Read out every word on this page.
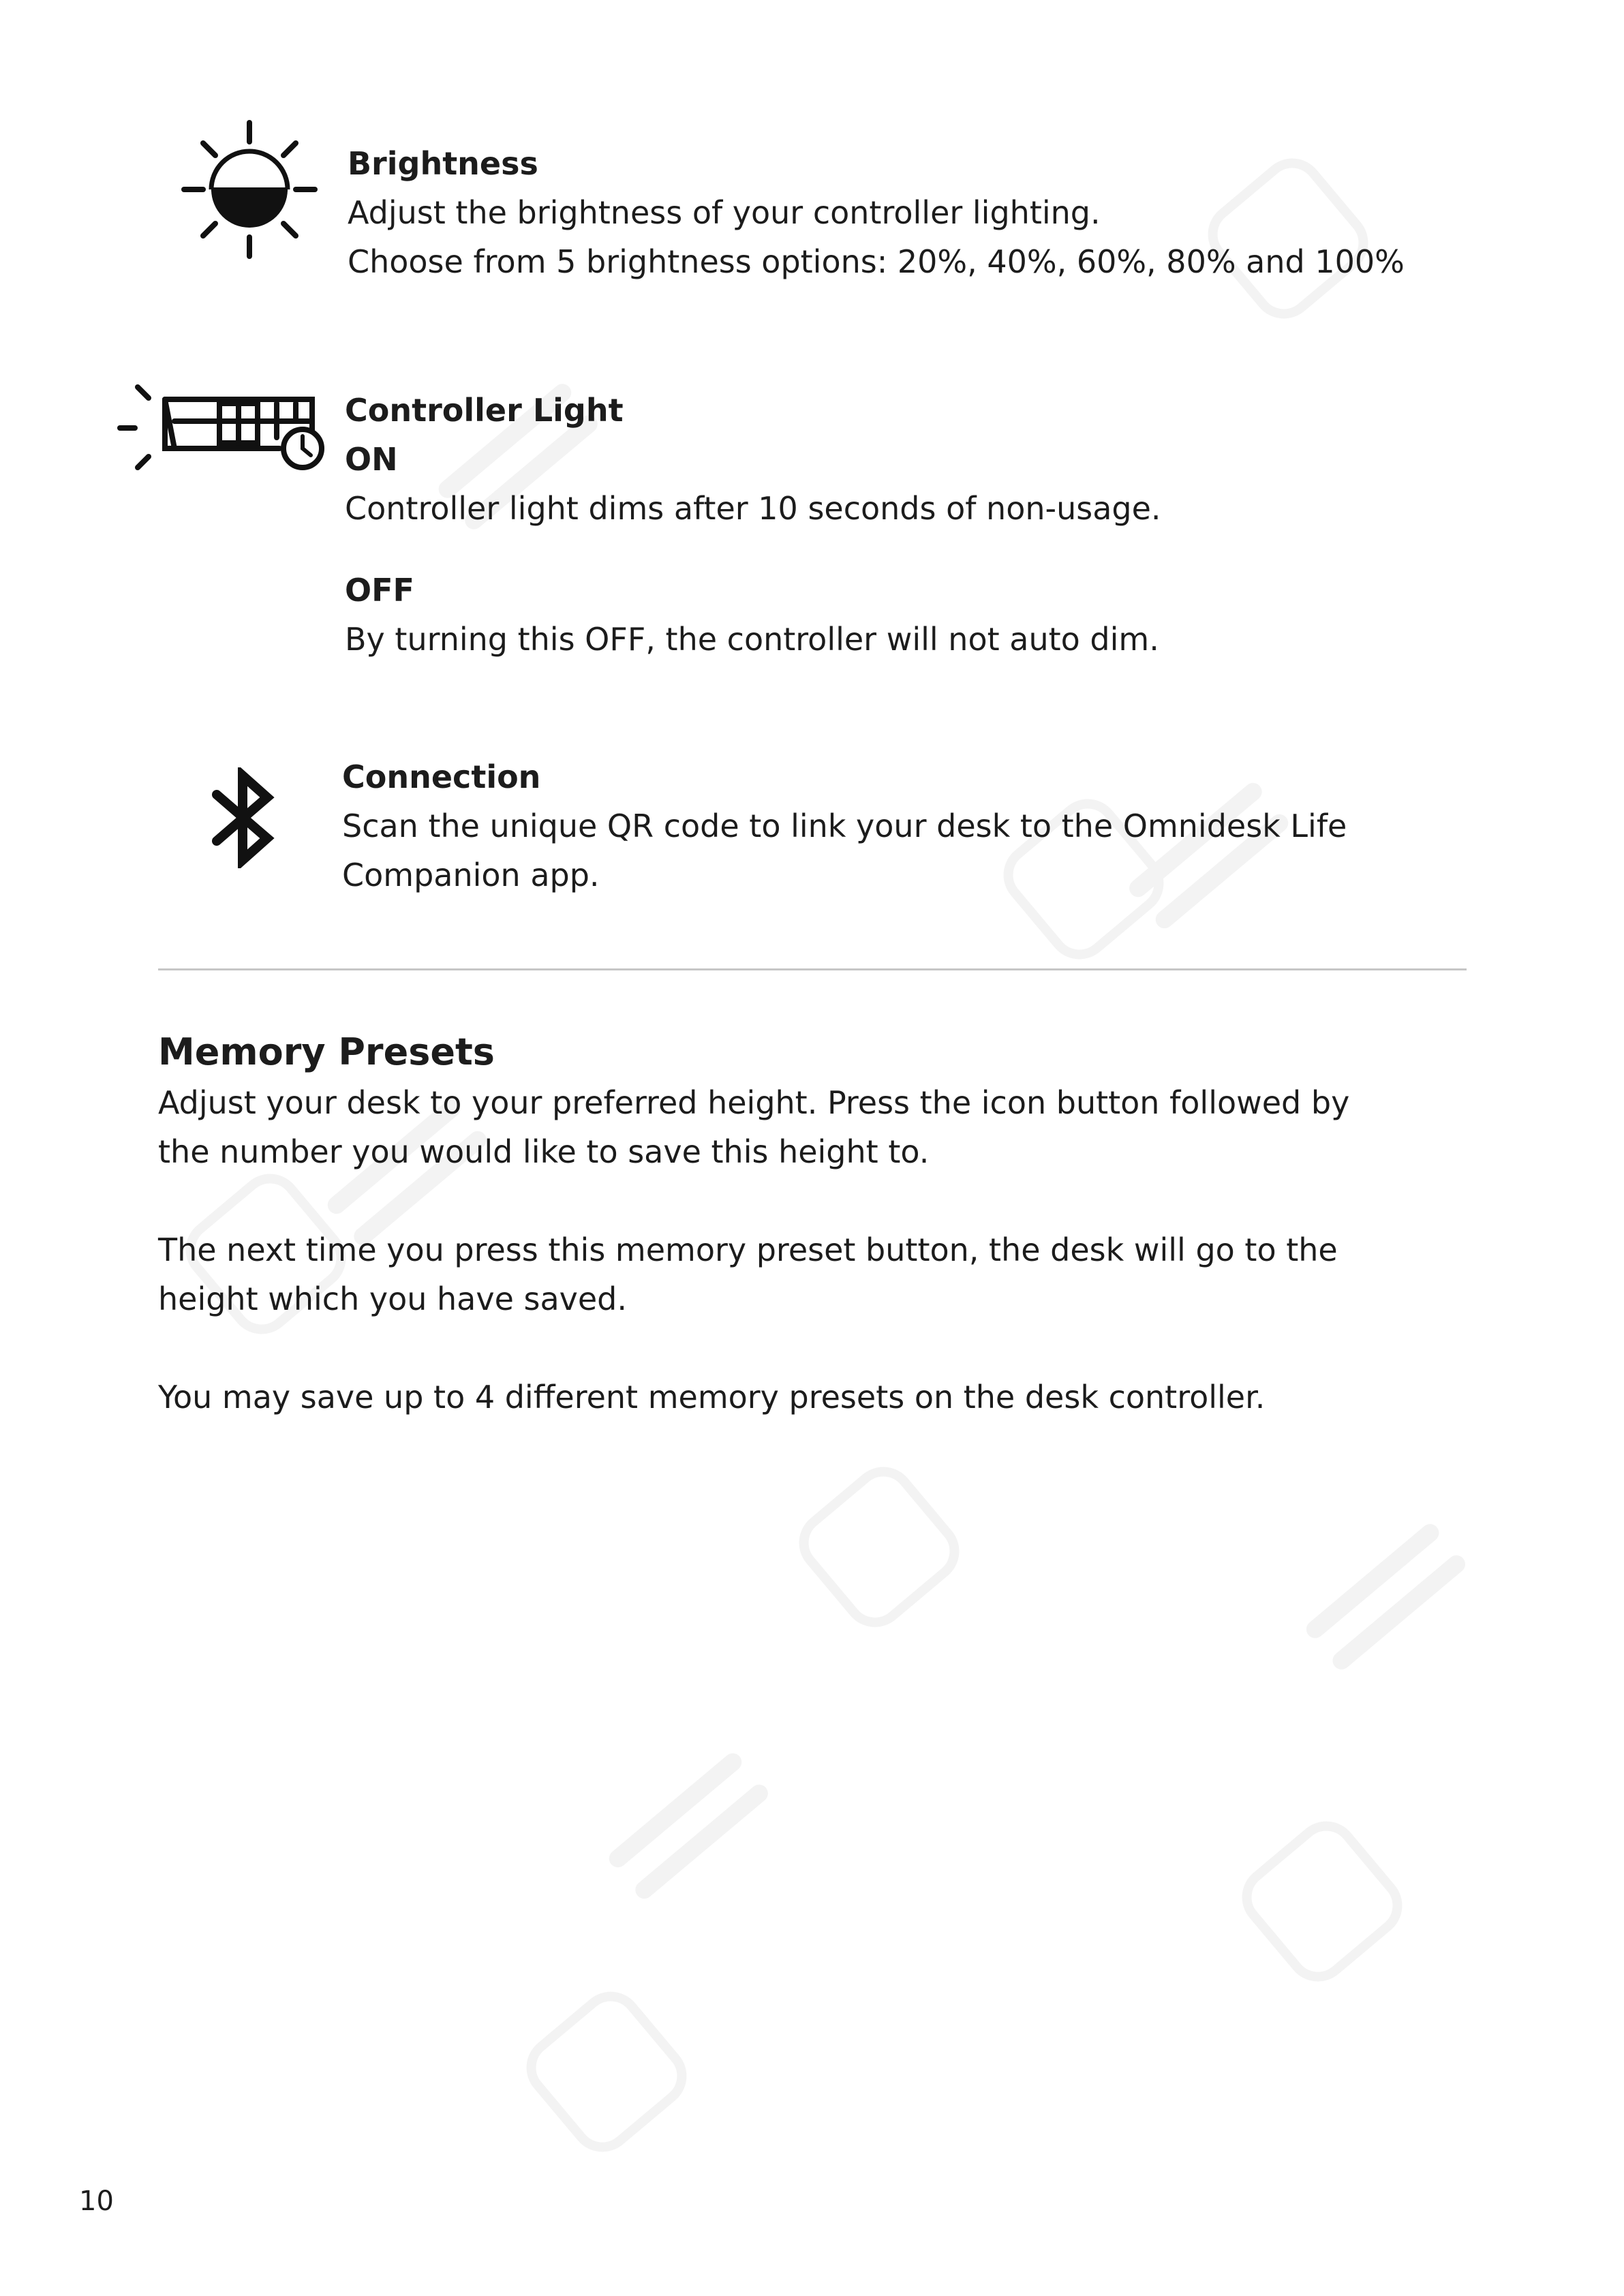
Brightness

Adjust the brightness of your controller lighting.

Choose from 5 brightness options: 20%, 40%, 60%, 80% and 100%

Controller Light

ON

Controller light dims after 10 seconds of non-usage.

OFF

By turning this OFF, the controller will not auto dim.

Connection

Scan the unique QR code to link your desk to the Omnidesk Life

Companion app.

Memory Presets

Adjust your desk to your preferred height. Press the icon button followed by

the number you would like to save this height to.

The next time you press this memory preset button, the desk will go to the

height which you have saved.

You may save up to 4 different memory presets on the desk controller.

10
